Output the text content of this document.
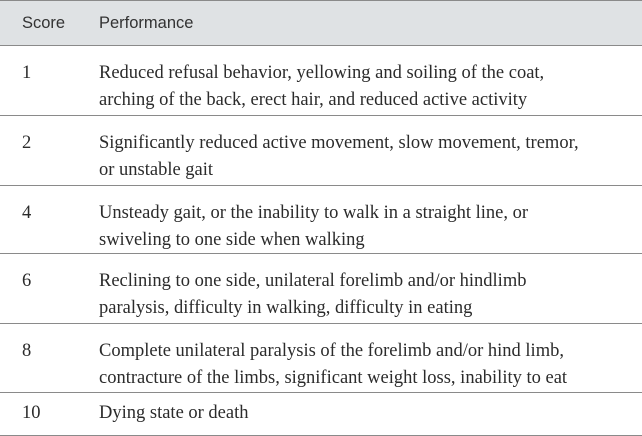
Score Performance
1	Reduced refusal behavior, yellowing and soiling of the coat,
arching of the back, erect hair, and reduced active activity
2	Significantly reduced active movement, slow movement, tremor,
or unstable gait
4	Unsteady gait, or the inability to walk in a straight line, or
swiveling to one side when walking
6	Reclining to one side, unilateral forelimb and/or hindlimb
paralysis, difficulty in walking, difficulty in eating
8	Complete unilateral paralysis of the forelimb and/or hind limb,
contracture of the limbs, significant weight loss, inability to eat
10	Dying state or death
